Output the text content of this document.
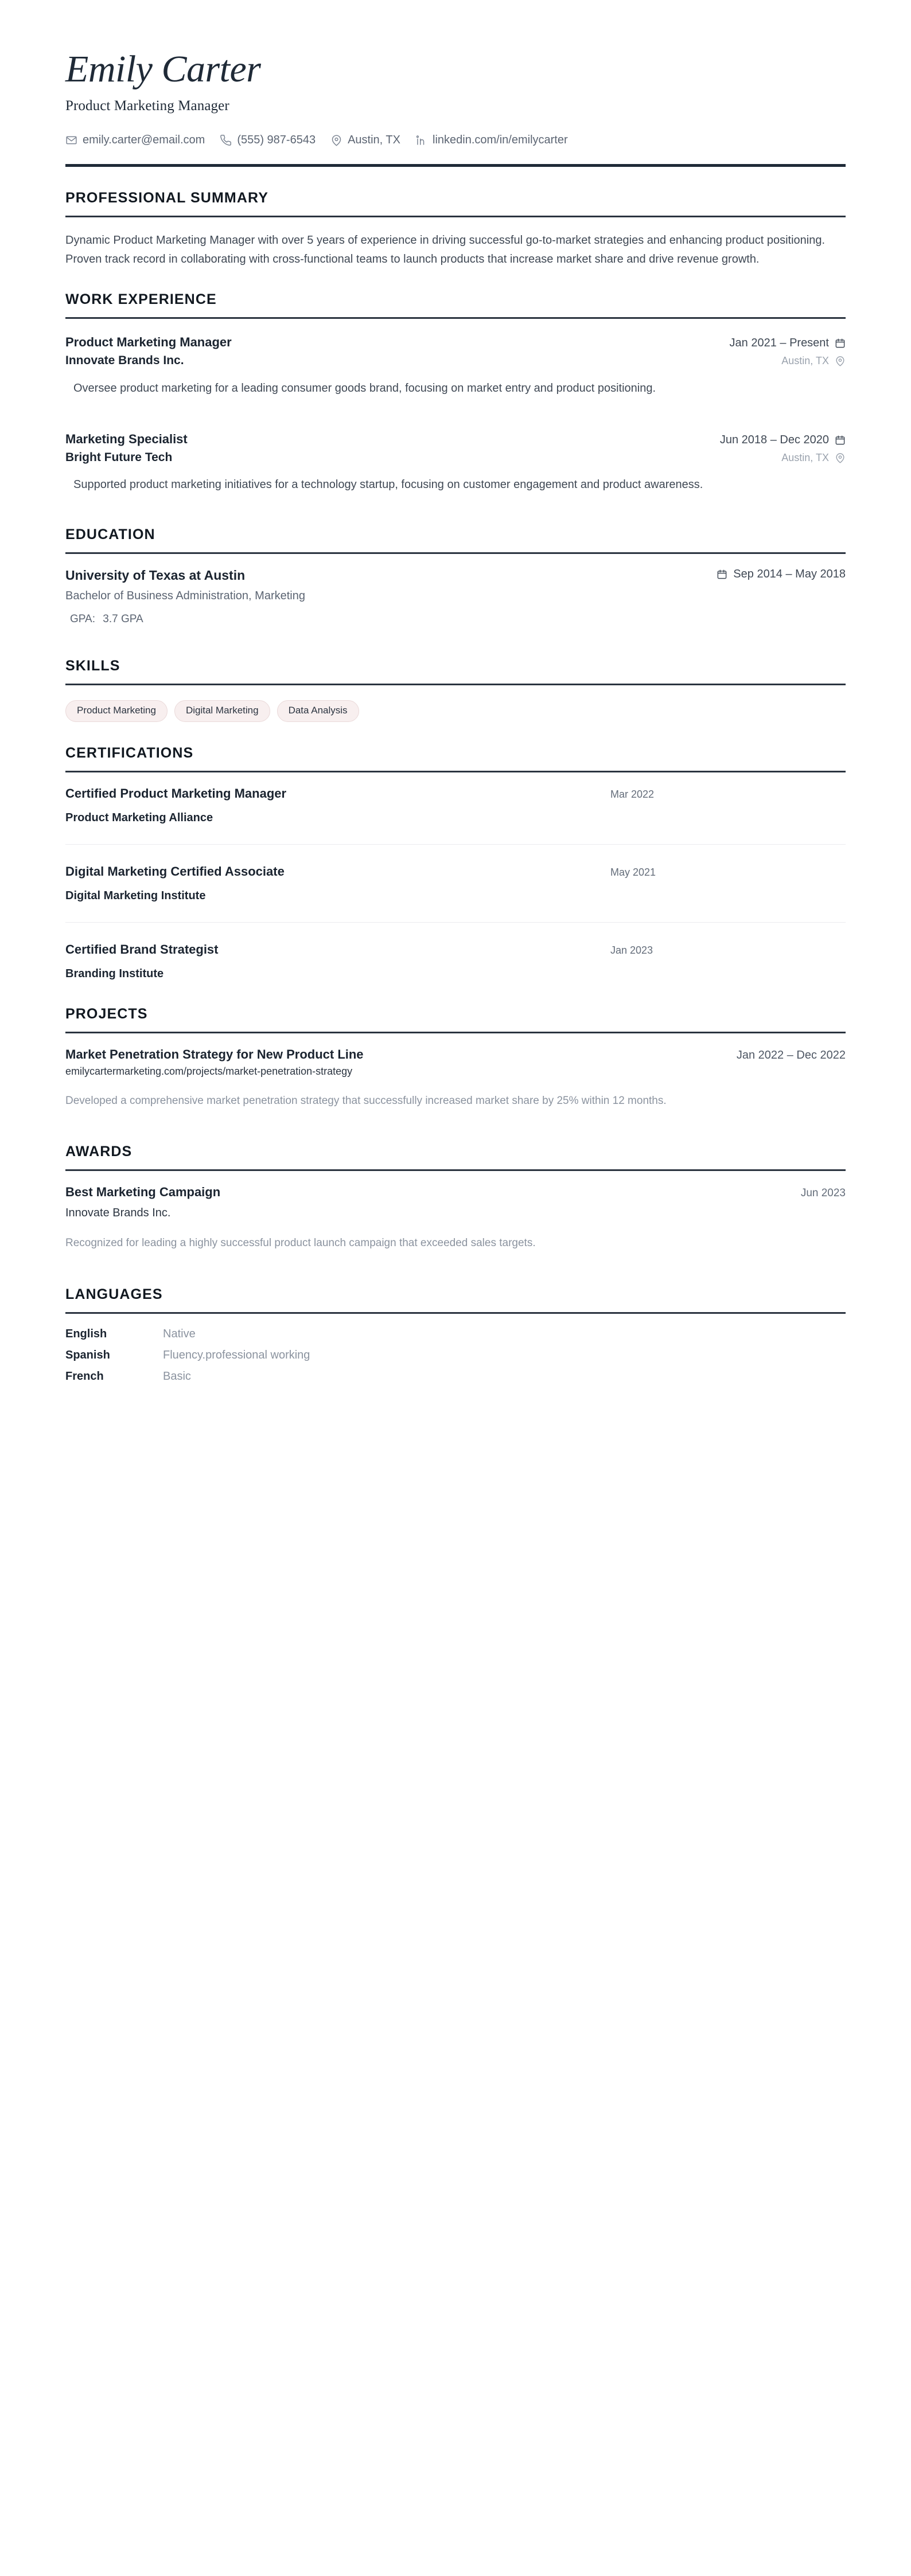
Emily Carter
Product Marketing Manager
emily.carter@email.com	(555) 987-6543	Austin, TX	linkedin.com/in/emilycarter
PROFESSIONAL SUMMARY

Dynamic Product Marketing Manager with over 5 years of experience in driving successful go-to-market strategies and enhancing product positioning. Proven track record in collaborating with cross-functional teams to launch products that increase market share and drive revenue growth.

WORK EXPERIENCE
Product Marketing Manager	Jan 2021 – Present
Innovate Brands Inc.	Austin, TX

Oversee product marketing for a leading consumer goods brand, focusing on market entry and product positioning.

Marketing Specialist	Jun 2018 – Dec 2020
Bright Future Tech	Austin, TX

Supported product marketing initiatives for a technology startup, focusing on customer engagement and product awareness.

EDUCATION
University of Texas at Austin	Sep 2014 – May 2018
Bachelor of Business Administration, Marketing
GPA: 3.7 GPA
SKILLS
Product Marketing	Digital Marketing	Data Analysis
CERTIFICATIONS
Certified Product Marketing Manager	Mar 2022
Product Marketing Alliance
Digital Marketing Certified Associate	May 2021
Digital Marketing Institute
Certified Brand Strategist	Jan 2023
Branding Institute
PROJECTS
Market Penetration Strategy for New Product Line	Jan 2022 – Dec 2022
emilycartermarketing.com/projects/market-penetration-strategy

Developed a comprehensive market penetration strategy that successfully increased market share by 25% within 12 months.

AWARDS
Best Marketing Campaign	Jun 2023
Innovate Brands Inc.

Recognized for leading a highly successful product launch campaign that exceeded sales targets.

LANGUAGES
English	Native
Spanish	Fluency.professional working
French	Basic
